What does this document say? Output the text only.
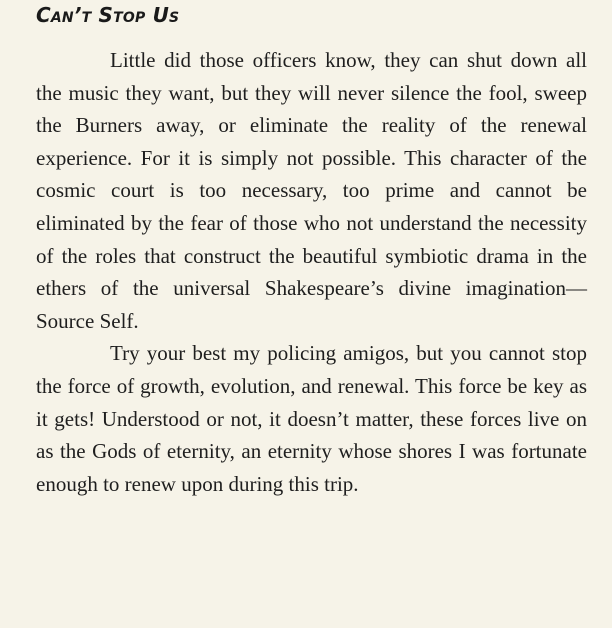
Can’t Stop Us

Little did those officers know, they can shut down all the music they want, but they will never silence the fool, sweep the Burners away, or eliminate the reality of the renewal experience. For it is simply not possible. This character of the cosmic court is too necessary, too prime and cannot be eliminated by the fear of those who not understand the necessity of the roles that construct the beautiful symbiotic drama in the ethers of the universal Shakespeare’s divine imagination—Source Self.

Try your best my policing amigos, but you cannot stop the force of growth, evolution, and renewal. This force be key as it gets! Understood or not, it doesn’t matter, these forces live on as the Gods of eternity, an eternity whose shores I was fortunate enough to renew upon during this trip.
